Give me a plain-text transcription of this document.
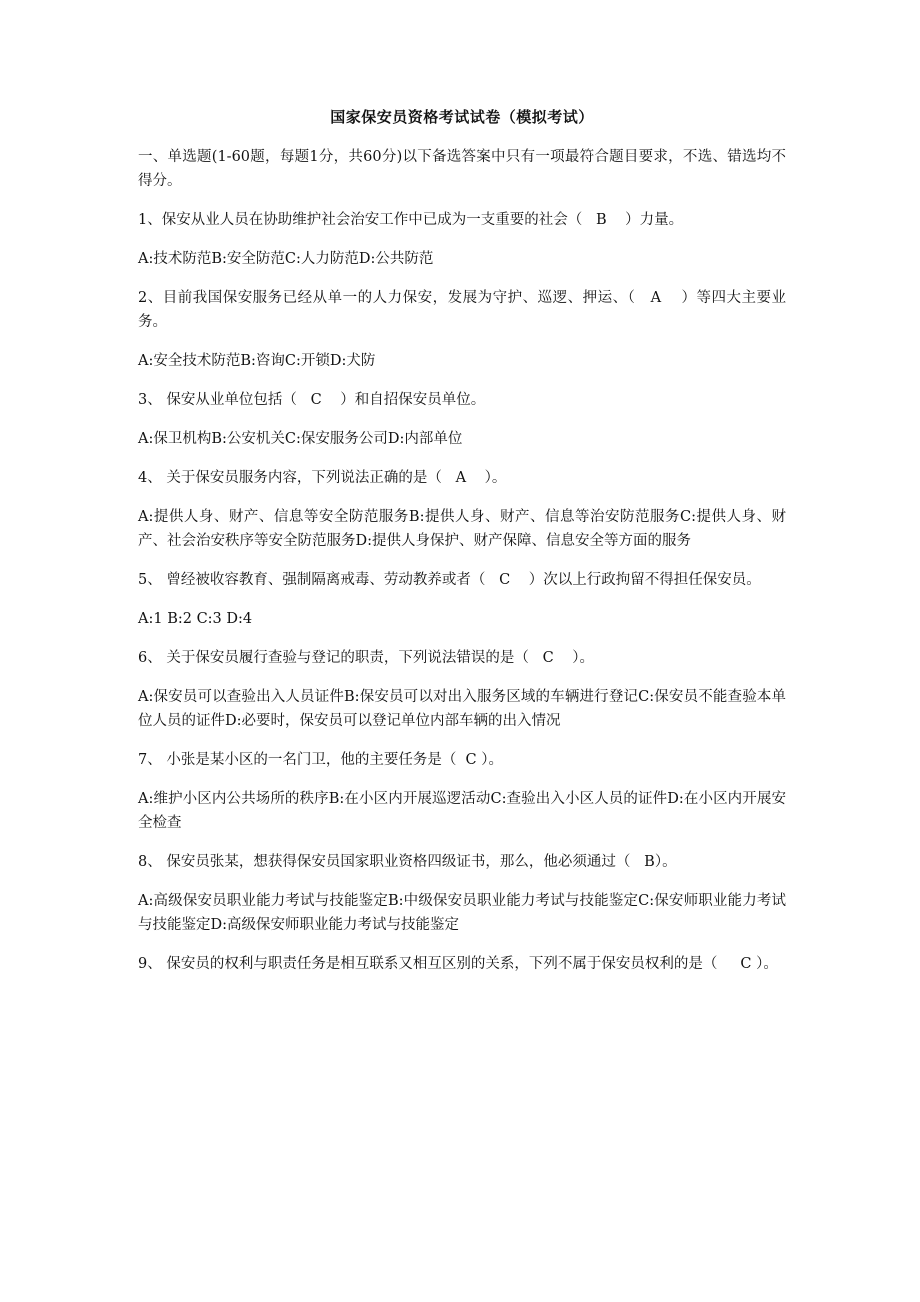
国家保安员资格考试试卷（模拟考试）
一、单选题(1-60题，每题1分，共60分)以下备选答案中只有一项最符合题目要求，不选、错选均不得分。
1、保安从业人员在协助维护社会治安工作中已成为一支重要的社会（   B    ）力量。
A:技术防范B:安全防范C:人力防范D:公共防范
2、目前我国保安服务已经从单一的人力保安，发展为守护、巡逻、押运、（   A    ）等四大主要业务。
A:安全技术防范B:咨询C:开锁D:犬防
3、 保安从业单位包括（   C    ）和自招保安员单位。
A:保卫机构B:公安机关C:保安服务公司D:内部单位
4、 关于保安员服务内容，下列说法正确的是（   A    ）。
A:提供人身、财产、信息等安全防范服务B:提供人身、财产、信息等治安防范服务C:提供人身、财产、社会治安秩序等安全防范服务D:提供人身保护、财产保障、信息安全等方面的服务
5、 曾经被收容教育、强制隔离戒毒、劳动教养或者（   C    ）次以上行政拘留不得担任保安员。
A:1 B:2 C:3 D:4
6、 关于保安员履行查验与登记的职责，下列说法错误的是（   C    ）。
A:保安员可以查验出入人员证件B:保安员可以对出入服务区域的车辆进行登记C:保安员不能查验本单位人员的证件D:必要时，保安员可以登记单位内部车辆的出入情况
7、 小张是某小区的一名门卫，他的主要任务是（  C ）。
A:维护小区内公共场所的秩序B:在小区内开展巡逻活动C:查验出入小区人员的证件D:在小区内开展安全检查
8、 保安员张某，想获得保安员国家职业资格四级证书，那么，他必须通过（   B）。
A:高级保安员职业能力考试与技能鉴定B:中级保安员职业能力考试与技能鉴定C:保安师职业能力考试与技能鉴定D:高级保安师职业能力考试与技能鉴定
9、 保安员的权利与职责任务是相互联系又相互区别的关系，下列不属于保安员权利的是（     C ）。
